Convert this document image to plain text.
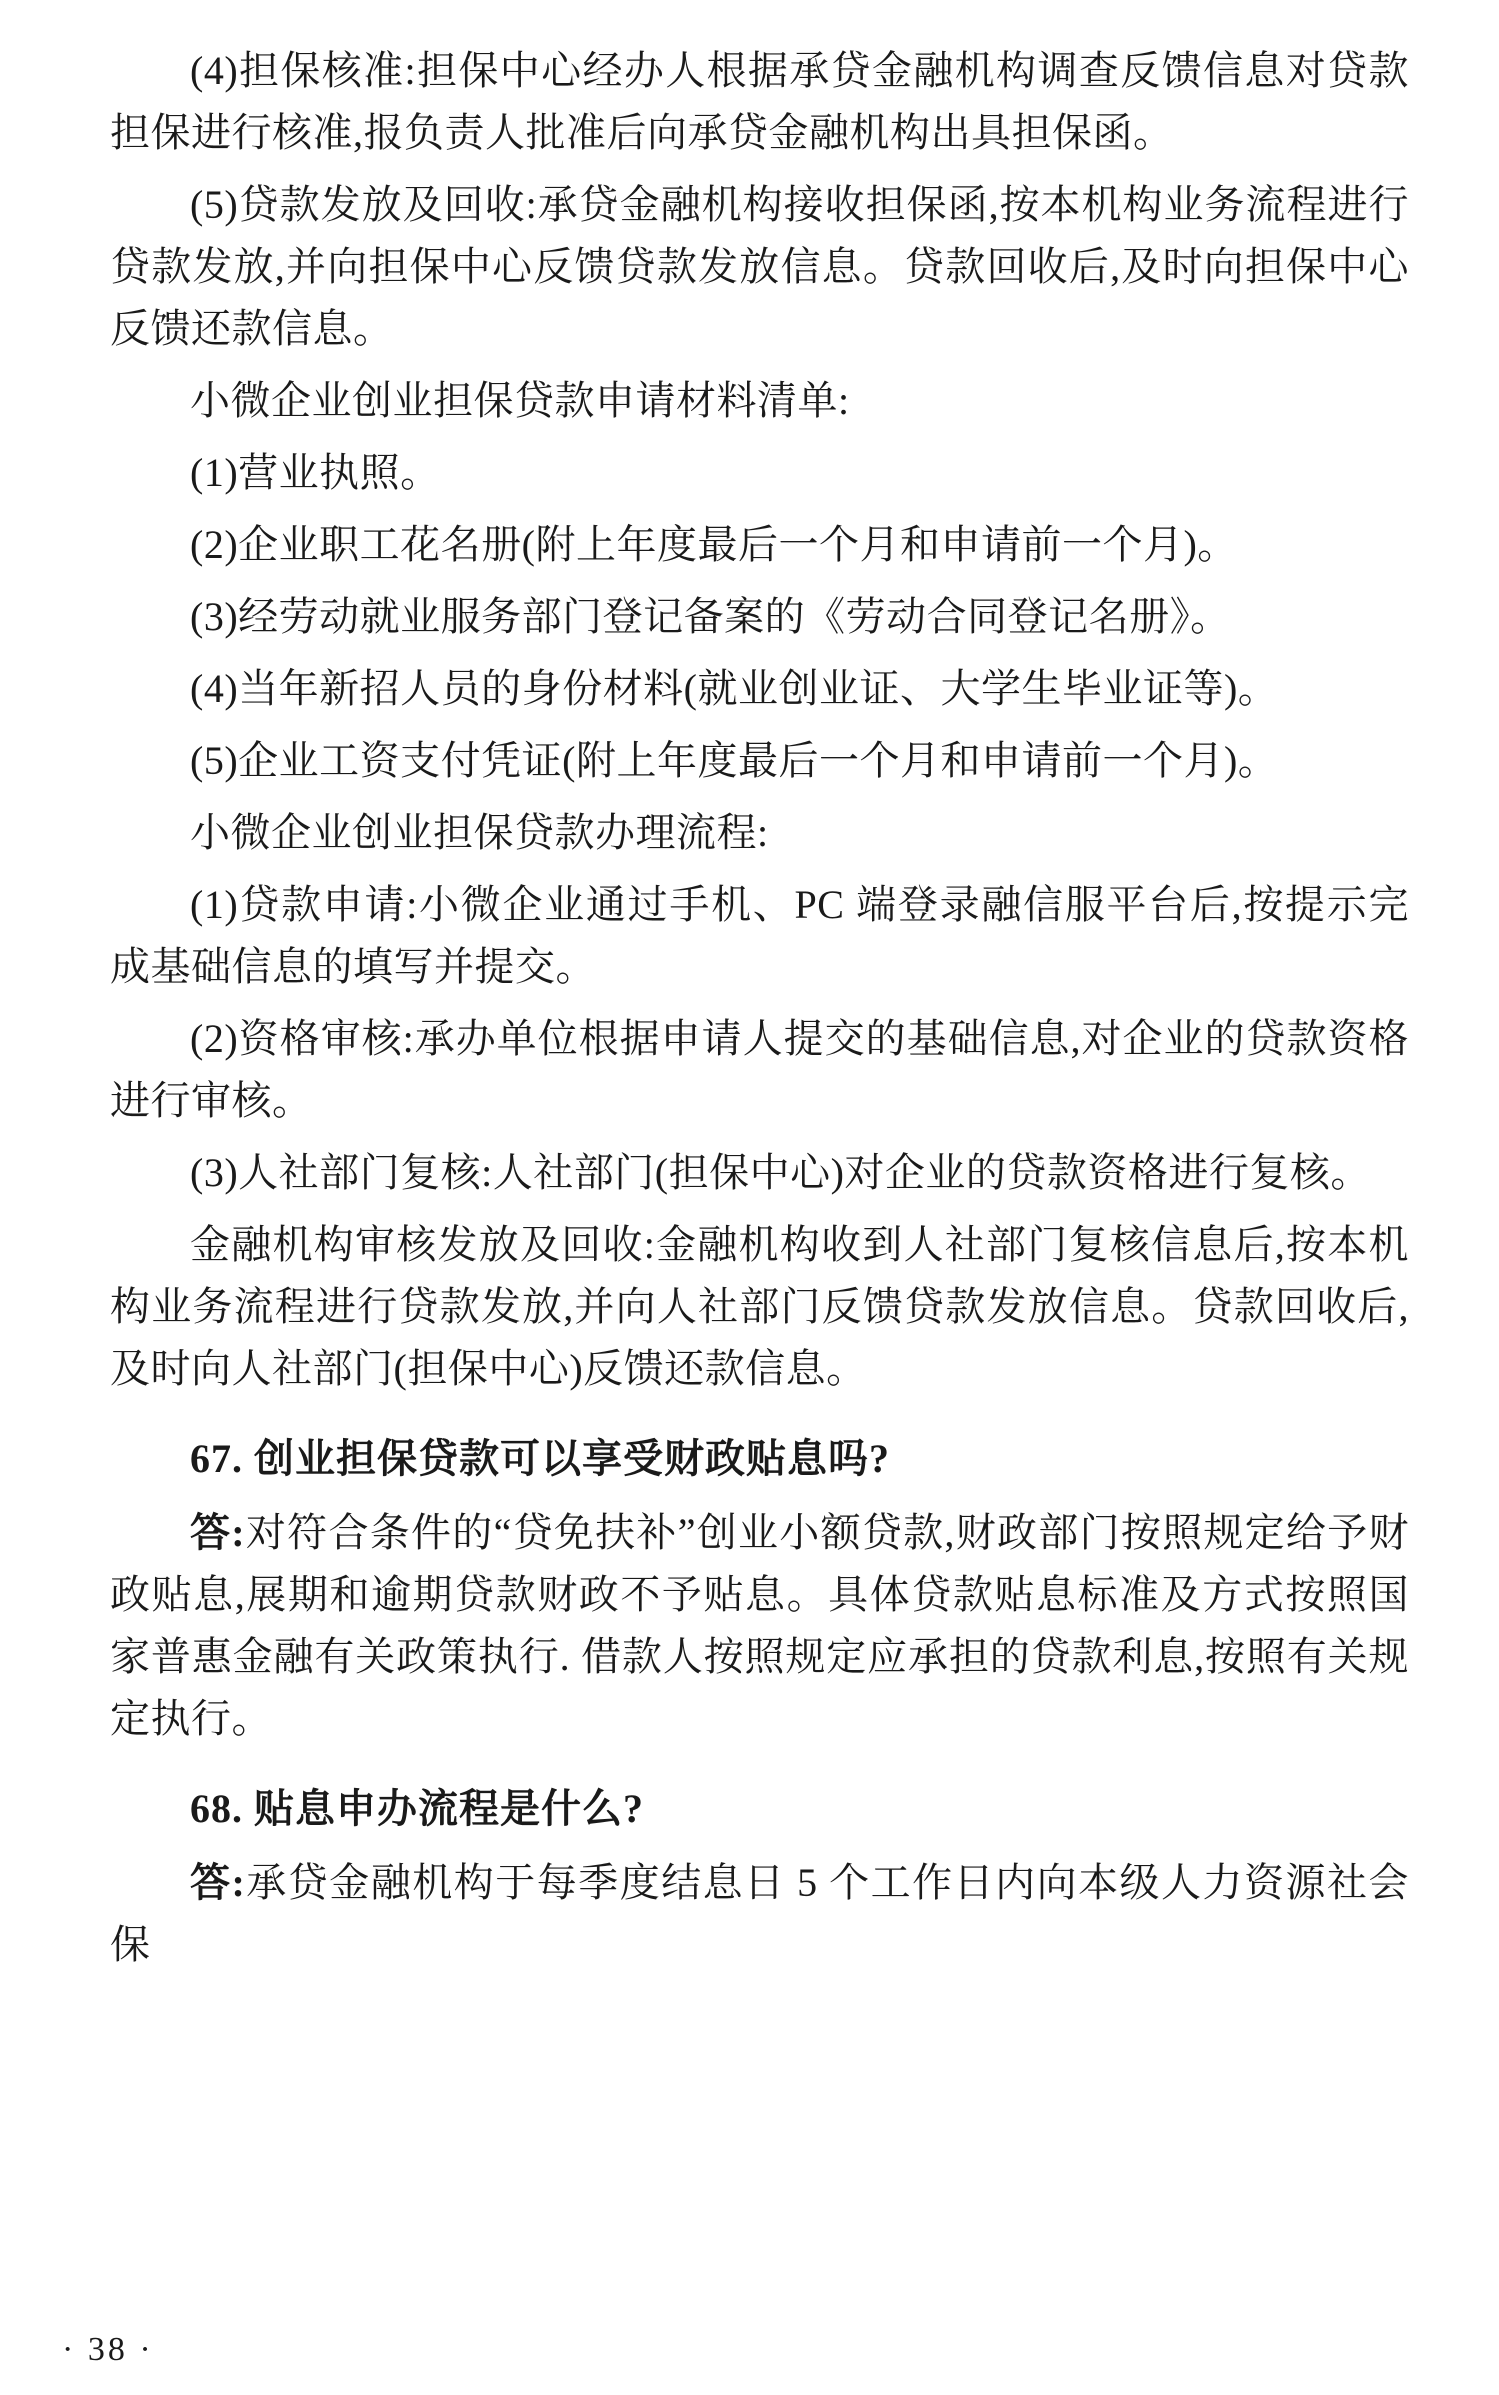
(4)担保核准:担保中心经办人根据承贷金融机构调查反馈信息对贷款担保进行核准,报负责人批准后向承贷金融机构出具担保函。

(5)贷款发放及回收:承贷金融机构接收担保函,按本机构业务流程进行贷款发放,并向担保中心反馈贷款发放信息。贷款回收后,及时向担保中心反馈还款信息。

小微企业创业担保贷款申请材料清单:

(1)营业执照。

(2)企业职工花名册(附上年度最后一个月和申请前一个月)。

(3)经劳动就业服务部门登记备案的《劳动合同登记名册》。

(4)当年新招人员的身份材料(就业创业证、大学生毕业证等)。

(5)企业工资支付凭证(附上年度最后一个月和申请前一个月)。

小微企业创业担保贷款办理流程:

(1)贷款申请:小微企业通过手机、PC 端登录融信服平台后,按提示完成基础信息的填写并提交。

(2)资格审核:承办单位根据申请人提交的基础信息,对企业的贷款资格进行审核。

(3)人社部门复核:人社部门(担保中心)对企业的贷款资格进行复核。

金融机构审核发放及回收:金融机构收到人社部门复核信息后,按本机构业务流程进行贷款发放,并向人社部门反馈贷款发放信息。贷款回收后,及时向人社部门(担保中心)反馈还款信息。

67. 创业担保贷款可以享受财政贴息吗?

答:对符合条件的“贷免扶补”创业小额贷款,财政部门按照规定给予财政贴息,展期和逾期贷款财政不予贴息。具体贷款贴息标准及方式按照国家普惠金融有关政策执行. 借款人按照规定应承担的贷款利息,按照有关规定执行。

68. 贴息申办流程是什么?

答:承贷金融机构于每季度结息日 5 个工作日内向本级人力资源社会保

· 38 ·
